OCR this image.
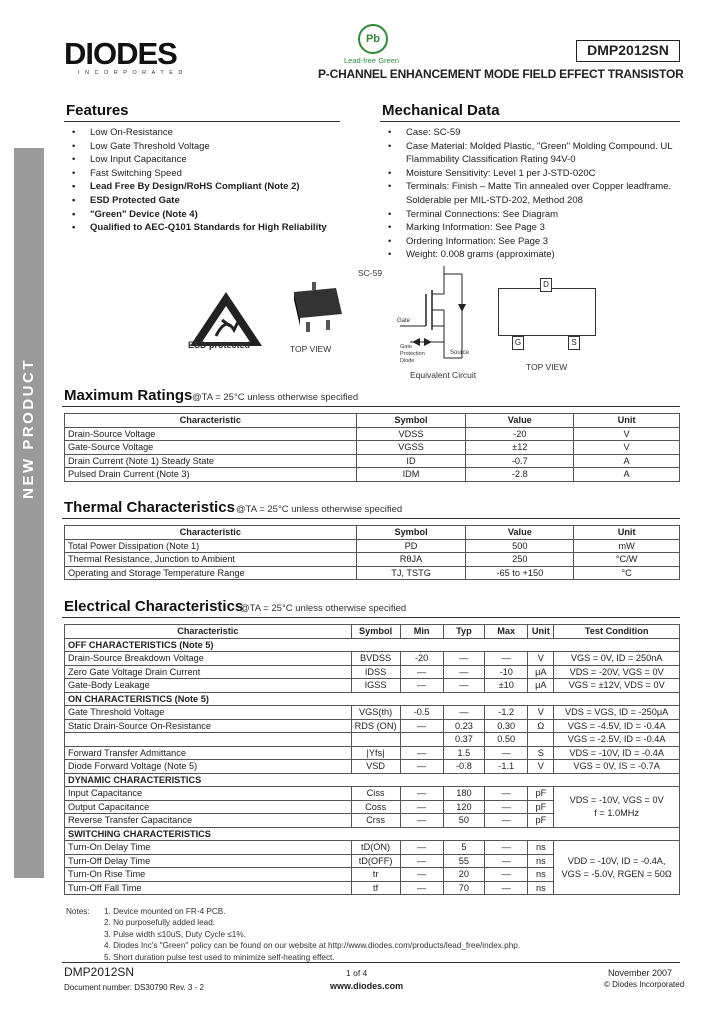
NEW PRODUCT
DIODES
INCORPORATED
Pb
Lead-free Green
DMP2012SN
P-CHANNEL ENHANCEMENT MODE FIELD EFFECT TRANSISTOR
Features
• Low On-Resistance
• Low Gate Threshold Voltage
• Low Input Capacitance
• Fast Switching Speed
• Lead Free By Design/RoHS Compliant (Note 2)
• ESD Protected Gate
• "Green" Device (Note 4)
• Qualified to AEC-Q101 Standards for High Reliability
Mechanical Data
• Case: SC-59
• Case Material: Molded Plastic, "Green" Molding Compound. UL Flammability Classification Rating 94V-0
• Moisture Sensitivity: Level 1 per J-STD-020C
• Terminals: Finish – Matte Tin annealed over Copper leadframe. Solderable per MIL-STD-202, Method 208
• Terminal Connections: See Diagram
• Marking Information: See Page 3
• Ordering Information: See Page 3
• Weight: 0.008 grams (approximate)
ESD protected	TOP VIEW
SC-59
Gate
Gate Protection Diode
Source
Equivalent Circuit
D
G	S
TOP VIEW
Maximum Ratings @TA = 25°C unless otherwise specified
Characteristic	Symbol	Value	Unit
Drain-Source Voltage	VDSS	-20	V
Gate-Source Voltage	VGSS	±12	V
Drain Current (Note 1) Steady State	ID	-0.7	A
Pulsed Drain Current (Note 3)	IDM	-2.8	A
Thermal Characteristics @TA = 25°C unless otherwise specified
Characteristic	Symbol	Value	Unit
Total Power Dissipation (Note 1)	PD	500	mW
Thermal Resistance, Junction to Ambient	RθJA	250	°C/W
Operating and Storage Temperature Range	TJ, TSTG	-65 to +150	°C
Electrical Characteristics
@TA = 25°C unless otherwise specified
Characteristic	Symbol	Min	Typ	Max	Unit	Test Condition
OFF CHARACTERISTICS (Note 5)						
Drain-Source Breakdown Voltage	BVDSS	-20	—	—	V	VGS = 0V, ID = 250nA
Zero Gate Voltage Drain Current	IDSS	—	—	-10	μA	VDS = -20V, VGS = 0V
Gate-Body Leakage	IGSS	—	—	±10	μA	VGS = ±12V, VDS = 0V
ON CHARACTERISTICS (Note 5)						
Gate Threshold Voltage	VGS(th)	-0.5	—	-1.2	V	VDS = VGS, ID = -250μA
Static Drain-Source On-Resistance	RDS (ON)	—	0.23	0.30	Ω	VGS = -4.5V, ID = -0.4A
			0.37	0.50		VGS = -2.5V, ID = -0.4A
Forward Transfer Admittance	|Yfs|	—	1.5	—	S	VDS = -10V, ID = -0.4A
Diode Forward Voltage (Note 5)	VSD	—	-0.8	-1.1	V	VGS = 0V, IS = -0.7A
DYNAMIC CHARACTERISTICS						
Input Capacitance	Ciss	—	180	—	pF	VDS = -10V, VGS = 0V
f = 1.0MHz

Output Capacitance	Coss	—	120	—	pF	
Reverse Transfer Capacitance	Crss	—	50	—	pF	
SWITCHING CHARACTERISTICS						
Turn-On Delay Time	tD(ON)	—	5	—	ns	VDD = -10V, ID = -0.4A,
VGS = -5.0V, RGEN = 50Ω

Turn-Off Delay Time	tD(OFF)	—	55	—	ns	
Turn-On Rise Time	tr	—	20	—	ns	
Turn-Off Fall Time	tf	—	70	—	ns	
Notes: 1. Device mounted on FR-4 PCB.
2. No purposefully added lead.
3. Pulse width ≤10uS, Duty Cycle ≤1%.
4. Diodes Inc's "Green" policy can be found on our website at http://www.diodes.com/products/lead_free/index.php.
5. Short duration pulse test used to minimize self-heating effect.
DMP2012SN
Document number: DS30790 Rev. 3 - 2
1 of 4
www.diodes.com
November 2007
© Diodes Incorporated
